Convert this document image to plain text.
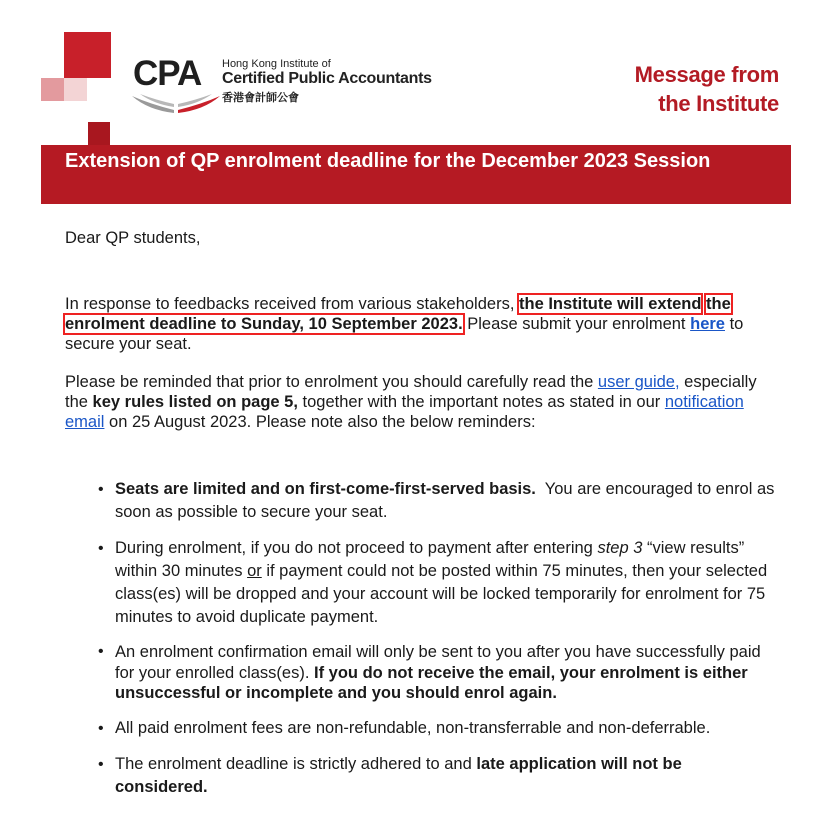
CPA Hong Kong Institute of
Certified Public Accountants
香港會計師公會
Message from
the Institute
Extension of QP enrolment deadline for the December 2023 Session

Dear QP students,

In response to feedbacks received from various stakeholders, the Institute will extend the enrolment deadline to Sunday, 10 September 2023. Please submit your enrolment here to secure your seat.

Please be reminded that prior to enrolment you should carefully read the user guide, especially the key rules listed on page 5, together with the important notes as stated in our notification email on 25 August 2023. Please note also the below reminders:

• Seats are limited and on first-come-first-served basis. You are encouraged to enrol as soon as possible to secure your seat.
• During enrolment, if you do not proceed to payment after entering step 3 “view results” within 30 minutes or if payment could not be posted within 75 minutes, then your selected class(es) will be dropped and your account will be locked temporarily for enrolment for 75 minutes to avoid duplicate payment.
• An enrolment confirmation email will only be sent to you after you have successfully paid for your enrolled class(es). If you do not receive the email, your enrolment is either unsuccessful or incomplete and you should enrol again.
• All paid enrolment fees are non-refundable, non-transferrable and non-deferrable.
• The enrolment deadline is strictly adhered to and late application will not be considered.
